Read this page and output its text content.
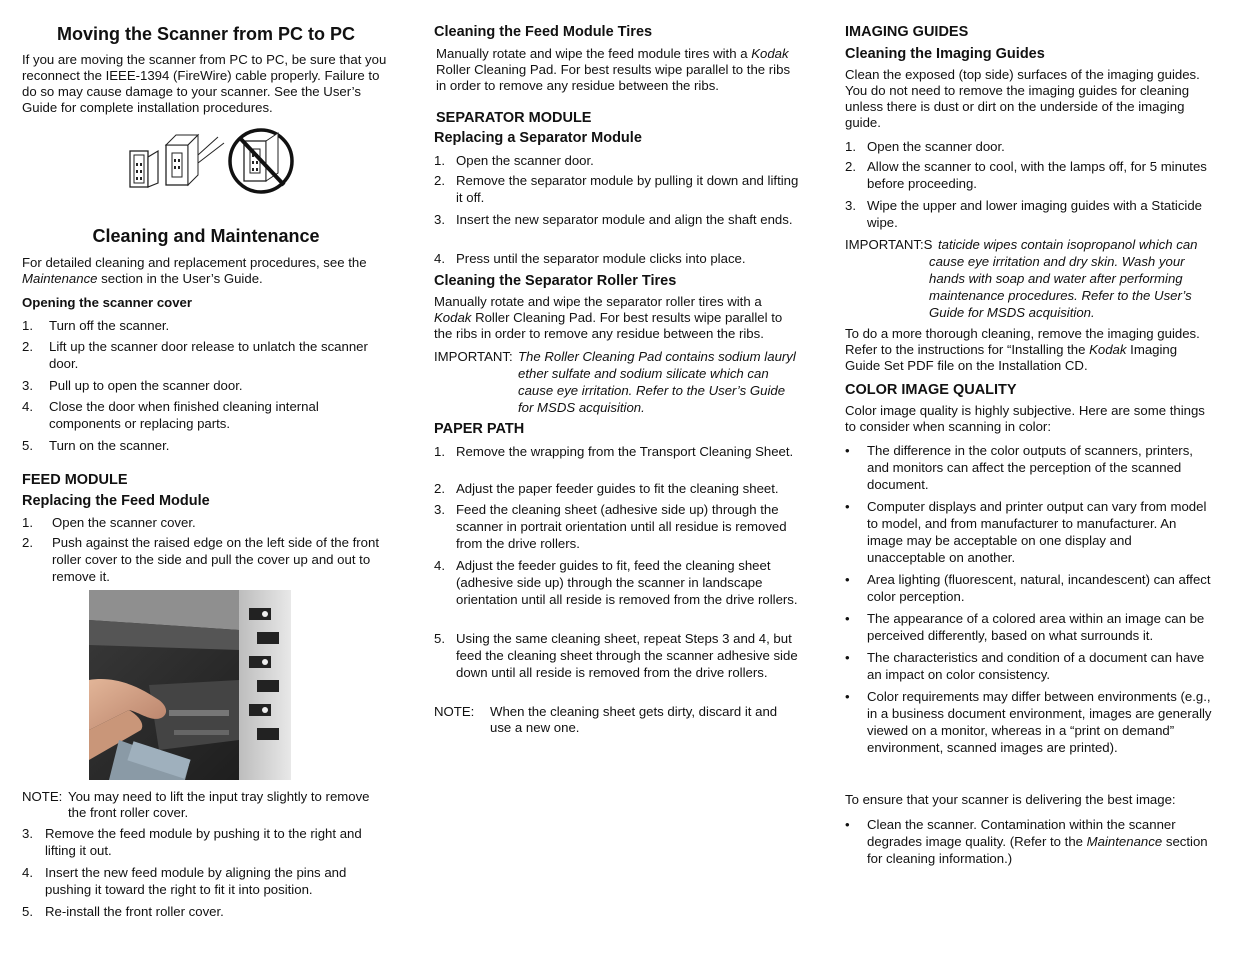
Moving the Scanner from PC to PC

If you are moving the scanner from PC to PC, be sure that you reconnect the IEEE-1394 (FireWire) cable properly. Failure to do so may cause damage to your scanner. See the User’s Guide for complete installation procedures.

Cleaning and Maintenance

For detailed cleaning and replacement procedures, see the Maintenance section in the User’s Guide.

Opening the scanner cover
1. Turn off the scanner.
2. Lift up the scanner door release to unlatch the scanner door.
3. Pull up to open the scanner door.
4. Close the door when finished cleaning internal components or replacing parts.
5. Turn on the scanner.
FEED MODULE
Replacing the Feed Module
1. Open the scanner cover.
2. Push against the raised edge on the left side of the front roller cover to the side and pull the cover up and out to remove it.
NOTE: You may need to lift the input tray slightly to remove the front roller cover.
3. Remove the feed module by pushing it to the right and lifting it out.
4. Insert the new feed module by aligning the pins and pushing it toward the right to fit it into position.
5. Re-install the front roller cover.
Cleaning the Feed Module Tires

Manually rotate and wipe the feed module tires with a Kodak Roller Cleaning Pad. For best results wipe parallel to the ribs in order to remove any residue between the ribs.

SEPARATOR MODULE
Replacing a Separator Module
1. Open the scanner door.
2. Remove the separator module by pulling it down and lifting it off.
3. Insert the new separator module and align the shaft ends.
4. Press until the separator module clicks into place.
Cleaning the Separator Roller Tires

Manually rotate and wipe the separator roller tires with a Kodak Roller Cleaning Pad. For best results wipe parallel to the ribs in order to remove any residue between the ribs.

IMPORTANT: The Roller Cleaning Pad contains sodium lauryl ether sulfate and sodium silicate which can cause eye irritation. Refer to the User’s Guide for MSDS acquisition.
PAPER PATH
1. Remove the wrapping from the Transport Cleaning Sheet.
2. Adjust the paper feeder guides to fit the cleaning sheet.
3. Feed the cleaning sheet (adhesive side up) through the scanner in portrait orientation until all residue is removed from the drive rollers.
4. Adjust the feeder guides to fit, feed the cleaning sheet (adhesive side up) through the scanner in landscape orientation until all reside is removed from the drive rollers.
5. Using the same cleaning sheet, repeat Steps 3 and 4, but feed the cleaning sheet through the scanner adhesive side down until all reside is removed from the drive rollers.
NOTE: When the cleaning sheet gets dirty, discard it and use a new one.
IMAGING GUIDES
Cleaning the Imaging Guides

Clean the exposed (top side) surfaces of the imaging guides. You do not need to remove the imaging guides for cleaning unless there is dust or dirt on the underside of the imaging guide.

1. Open the scanner door.
2. Allow the scanner to cool, with the lamps off, for 5 minutes before proceeding.
3. Wipe the upper and lower imaging guides with a Staticide wipe.
IMPORTANT:S taticide wipes contain isopropanol which can cause eye irritation and dry skin. Wash your hands with soap and water after performing maintenance procedures. Refer to the User’s Guide for MSDS acquisition.

To do a more thorough cleaning, remove the imaging guides. Refer to the instructions for “Installing the Kodak Imaging Guide Set PDF file on the Installation CD.

COLOR IMAGE QUALITY

Color image quality is highly subjective. Here are some things to consider when scanning in color:

• The difference in the color outputs of scanners, printers, and monitors can affect the perception of the scanned document.
• Computer displays and printer output can vary from model to model, and from manufacturer to manufacturer. An image may be acceptable on one display and unacceptable on another.
• Area lighting (fluorescent, natural, incandescent) can affect color perception.
• The appearance of a colored area within an image can be perceived differently, based on what surrounds it.
• The characteristics and condition of a document can have an impact on color consistency.
• Color requirements may differ between environments (e.g., in a business document environment, images are generally viewed on a monitor, whereas in a “print on demand” environment, scanned images are printed).

To ensure that your scanner is delivering the best image:

• Clean the scanner. Contamination within the scanner degrades image quality. (Refer to the Maintenance section for cleaning information.)
